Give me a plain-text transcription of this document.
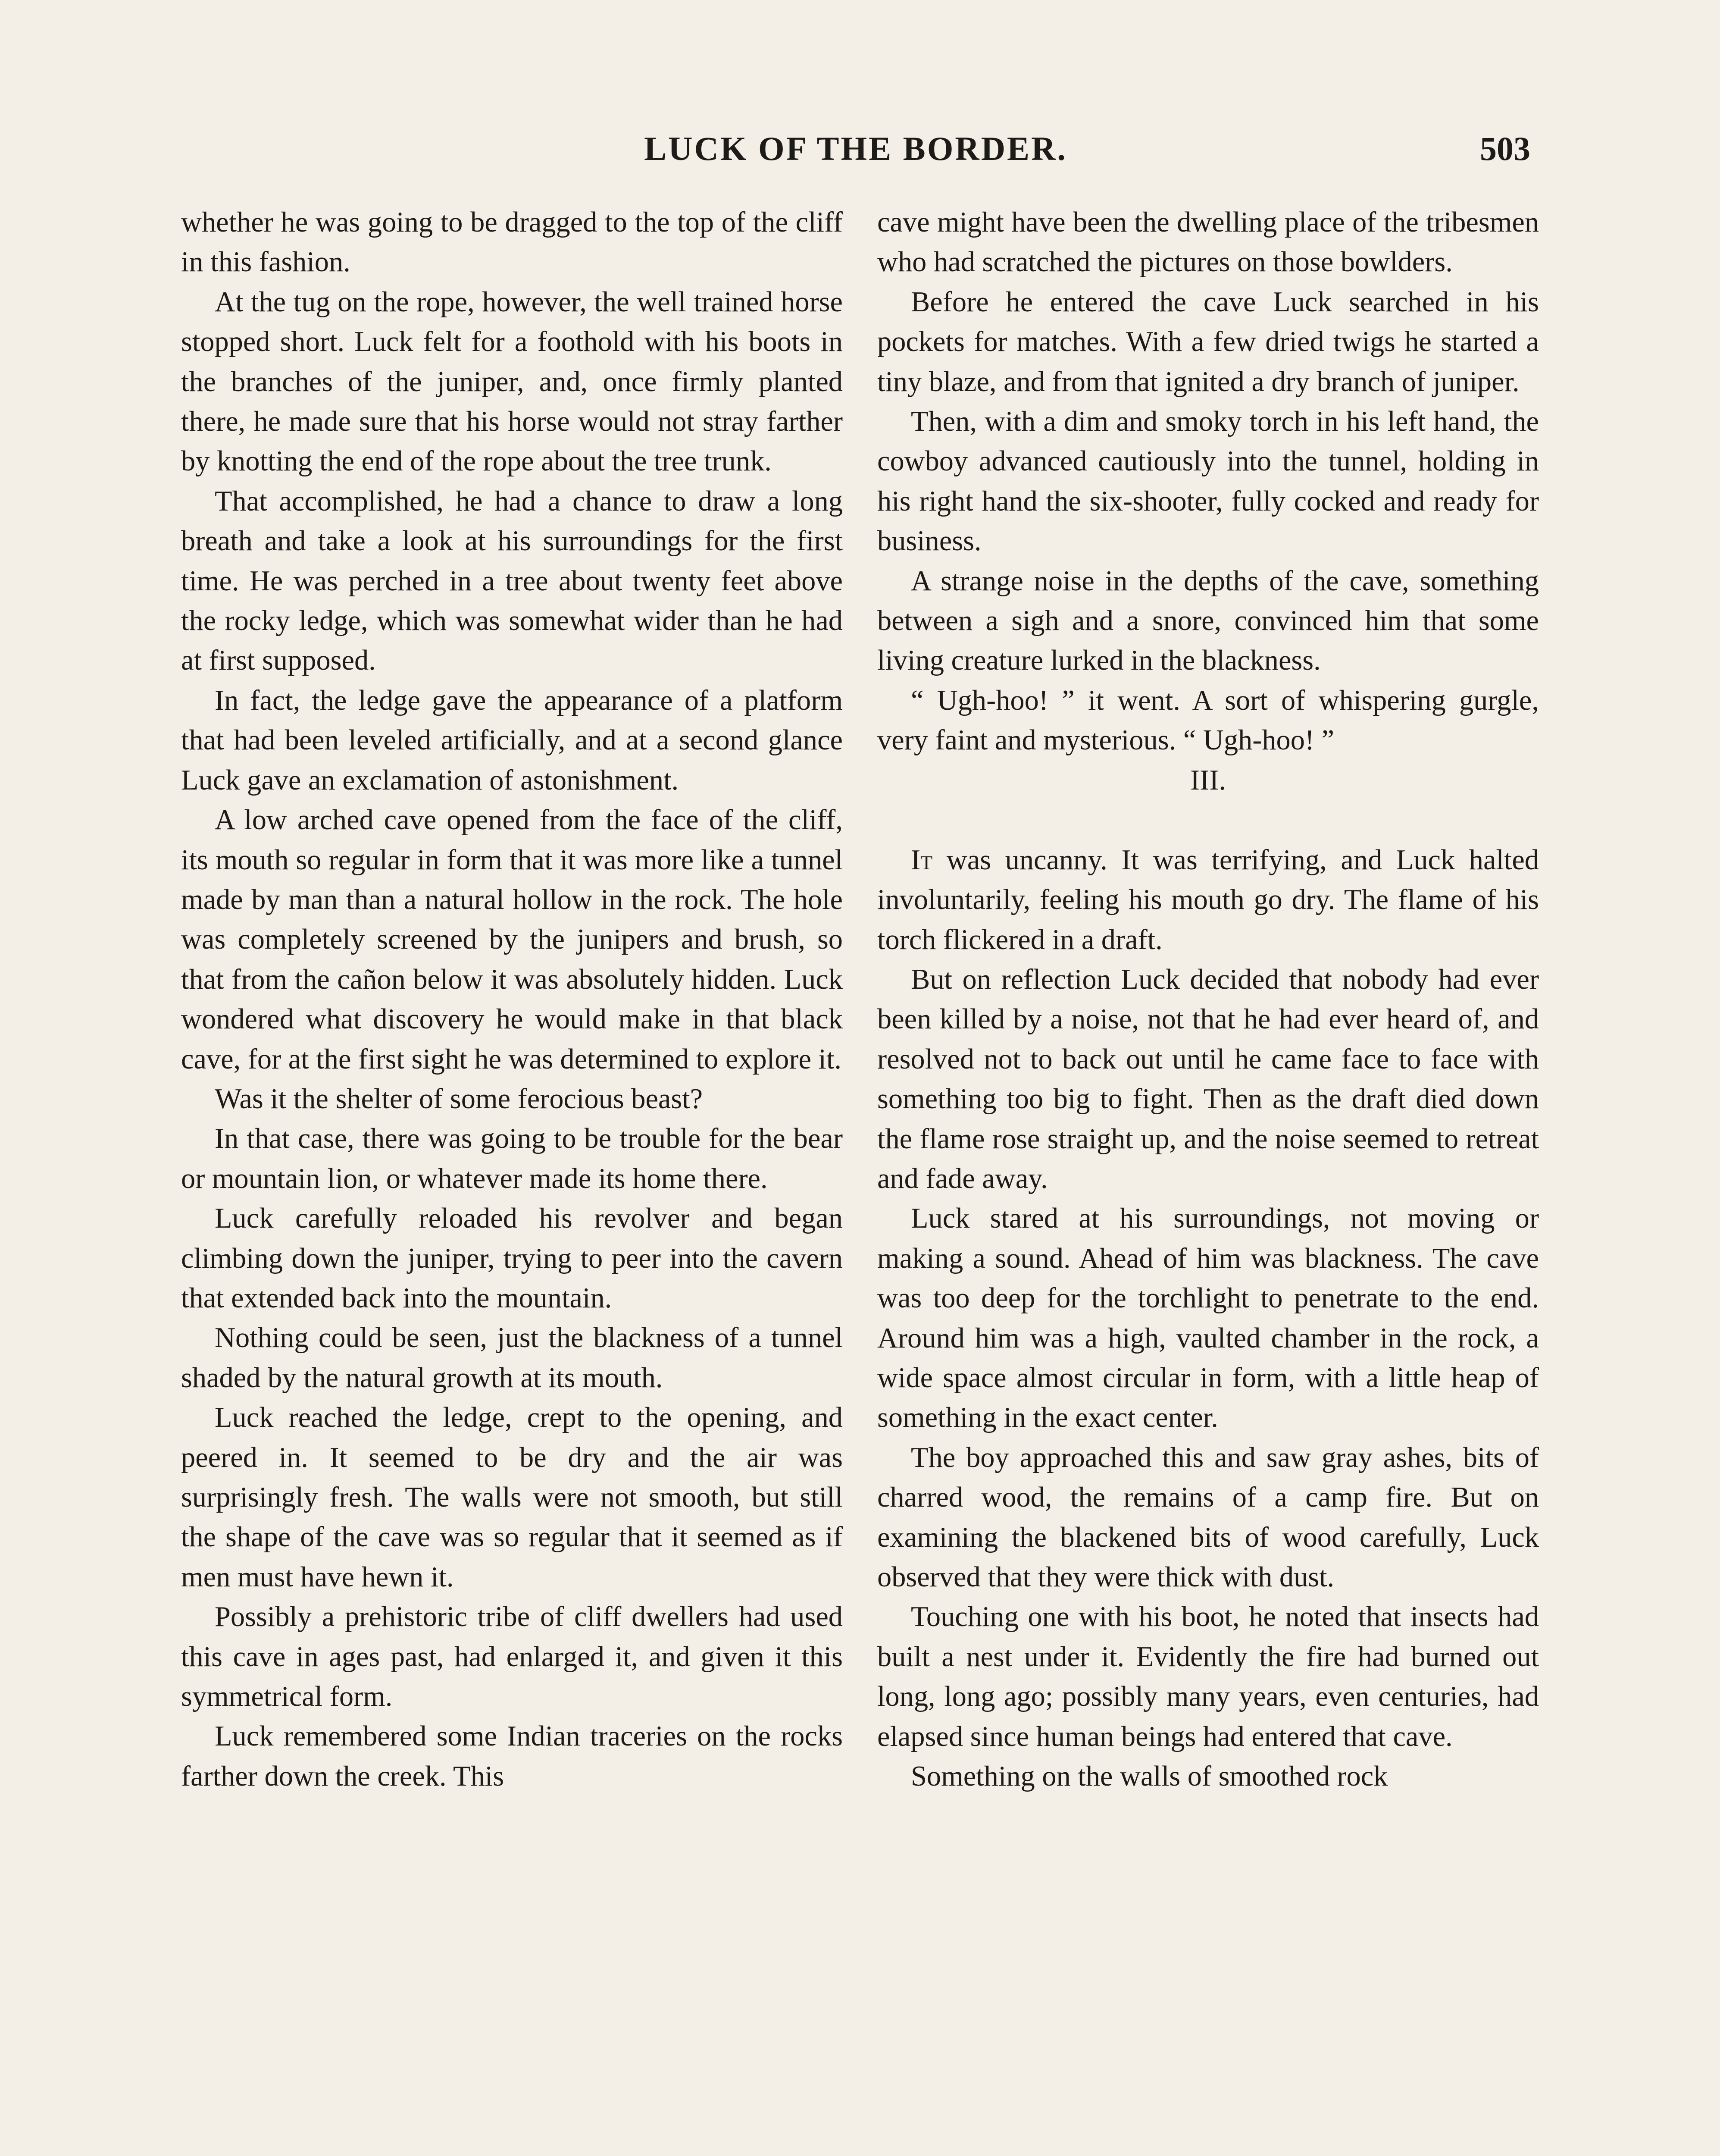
LUCK OF THE BORDER.	503

whether he was going to be dragged to the top of the cliff in this fashion.

At the tug on the rope, however, the well trained horse stopped short. Luck felt for a foothold with his boots in the branches of the juniper, and, once firmly planted there, he made sure that his horse would not stray farther by knotting the end of the rope about the tree trunk.

That accomplished, he had a chance to draw a long breath and take a look at his surroundings for the first time. He was perched in a tree about twenty feet above the rocky ledge, which was somewhat wider than he had at first supposed.

In fact, the ledge gave the appearance of a platform that had been leveled artificially, and at a second glance Luck gave an exclamation of astonishment.

A low arched cave opened from the face of the cliff, its mouth so regular in form that it was more like a tunnel made by man than a natural hollow in the rock. The hole was completely screened by the junipers and brush, so that from the cañon below it was absolutely hidden. Luck wondered what discovery he would make in that black cave, for at the first sight he was determined to explore it.

Was it the shelter of some ferocious beast?

In that case, there was going to be trouble for the bear or mountain lion, or whatever made its home there.

Luck carefully reloaded his revolver and began climbing down the juniper, trying to peer into the cavern that extended back into the mountain.

Nothing could be seen, just the blackness of a tunnel shaded by the natural growth at its mouth.

Luck reached the ledge, crept to the opening, and peered in. It seemed to be dry and the air was surprisingly fresh. The walls were not smooth, but still the shape of the cave was so regular that it seemed as if men must have hewn it.

Possibly a prehistoric tribe of cliff dwellers had used this cave in ages past, had enlarged it, and given it this symmetrical form.

Luck remembered some Indian traceries on the rocks farther down the creek. This

cave might have been the dwelling place of the tribesmen who had scratched the pictures on those bowlders.

Before he entered the cave Luck searched in his pockets for matches. With a few dried twigs he started a tiny blaze, and from that ignited a dry branch of juniper.

Then, with a dim and smoky torch in his left hand, the cowboy advanced cautiously into the tunnel, holding in his right hand the six-shooter, fully cocked and ready for business.

A strange noise in the depths of the cave, something between a sigh and a snore, convinced him that some living creature lurked in the blackness.

“ Ugh-hoo! ” it went. A sort of whispering gurgle, very faint and mysterious. “ Ugh-hoo! ”

III.

It was uncanny. It was terrifying, and Luck halted involuntarily, feeling his mouth go dry. The flame of his torch flickered in a draft.

But on reflection Luck decided that nobody had ever been killed by a noise, not that he had ever heard of, and resolved not to back out until he came face to face with something too big to fight. Then as the draft died down the flame rose straight up, and the noise seemed to retreat and fade away.

Luck stared at his surroundings, not moving or making a sound. Ahead of him was blackness. The cave was too deep for the torchlight to penetrate to the end. Around him was a high, vaulted chamber in the rock, a wide space almost circular in form, with a little heap of something in the exact center.

The boy approached this and saw gray ashes, bits of charred wood, the remains of a camp fire. But on examining the blackened bits of wood carefully, Luck observed that they were thick with dust.

Touching one with his boot, he noted that insects had built a nest under it. Evidently the fire had burned out long, long ago; possibly many years, even centuries, had elapsed since human beings had entered that cave.

Something on the walls of smoothed rock
